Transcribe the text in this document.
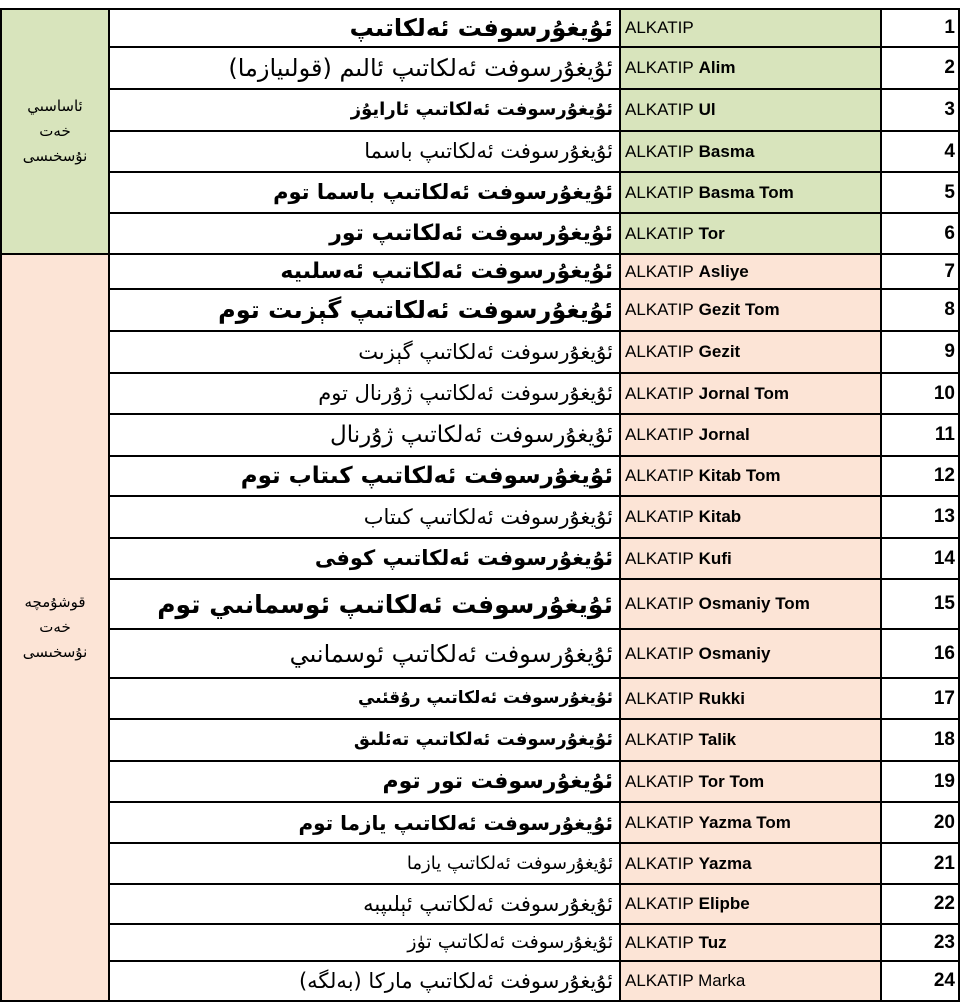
ئاساسىي
خەت
نۇسخىسى
قوشۇمچە
خەت
نۇسخىسى
ئۇيغۇرسوفت ئەلكاتىپ ALKATIP	1
ئۇيغۇرسوفت ئەلكاتىپ ئالىم (قولىيازما) ALKATIP Alim	2
ئۇيغۇرسوفت ئەلكاتىپ ئارايۇز ALKATIP Ul	3
ئۇيغۇرسوفت ئەلكاتىپ باسما ALKATIP Basma	4
ئۇيغۇرسوفت ئەلكاتىپ باسما توم ALKATIP Basma Tom	5
ئۇيغۇرسوفت ئەلكاتىپ تور ALKATIP Tor	6
ئۇيغۇرسوفت ئەلكاتىپ ئەسلىيە ALKATIP Asliye	7
ئۇيغۇرسوفت ئەلكاتىپ گېزىت توم ALKATIP Gezit Tom	8
ئۇيغۇرسوفت ئەلكاتىپ گېزىت ALKATIP Gezit	9
ئۇيغۇرسوفت ئەلكاتىپ ژۇرنال توم ALKATIP Jornal Tom	10
ئۇيغۇرسوفت ئەلكاتىپ ژۇرنال ALKATIP Jornal	11
ئۇيغۇرسوفت ئەلكاتىپ كىتاب توم ALKATIP Kitab Tom	12
ئۇيغۇرسوفت ئەلكاتىپ كىتاب ALKATIP Kitab	13
ئۇيغۇرسوفت ئەلكاتىپ كوفى ALKATIP Kufi	14
ئۇيغۇرسوفت ئەلكاتىپ ئوسمانىي توم ALKATIP Osmaniy Tom	15
ئۇيغۇرسوفت ئەلكاتىپ ئوسمانىي ALKATIP Osmaniy	16
ئۇيغۇرسوفت ئەلكاتىپ رۇقئىي ALKATIP Rukki	17
ئۇيغۇرسوفت ئەلكاتىپ تەئلىق ALKATIP Talik	18
ئۇيغۇرسوفت تور توم ALKATIP Tor Tom	19
ئۇيغۇرسوفت ئەلكاتىپ يازما توم ALKATIP Yazma Tom	20
ئۇيغۇرسوفت ئەلكاتىپ يازما ALKATIP Yazma	21
ئۇيغۇرسوفت ئەلكاتىپ ئېلىپبە ALKATIP Elipbe	22
ئۇيغۇرسوفت ئەلكاتىپ تۈز ALKATIP Tuz	23
ئۇيغۇرسوفت ئەلكاتىپ ماركا (بەلگە) ALKATIP Marka	24
